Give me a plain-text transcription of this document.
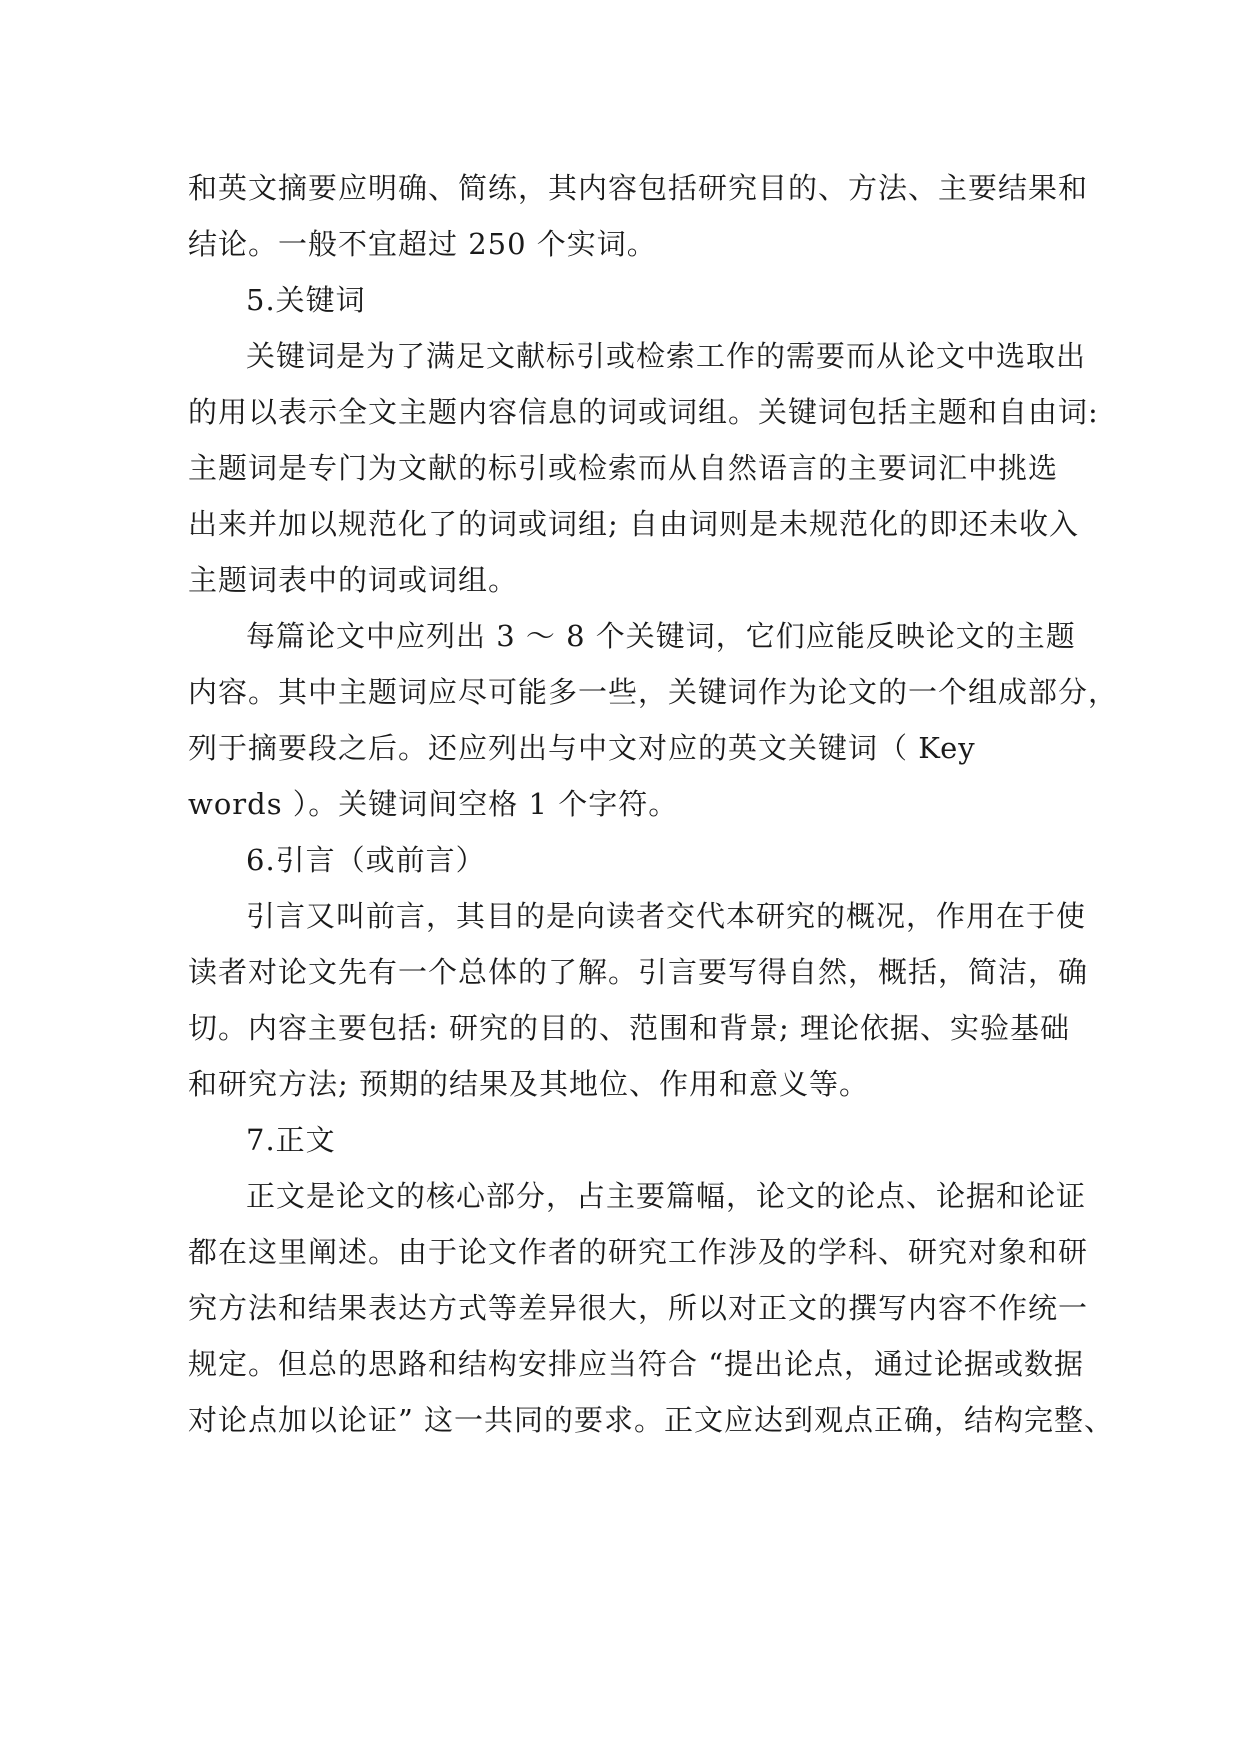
和英文摘要应明确、简练，其内容包括研究目的、方法、主要结果和
结论。一般不宜超过 250 个实词。
5.关键词
关键词是为了满足文献标引或检索工作的需要而从论文中选取出
的用以表示全文主题内容信息的词或词组。关键词包括主题和自由词:
主题词是专门为文献的标引或检索而从自然语言的主要词汇中挑选
出来并加以规范化了的词或词组; 自由词则是未规范化的即还未收入
主题词表中的词或词组。
每篇论文中应列出 3 ～ 8 个关键词，它们应能反映论文的主题
内容。其中主题词应尽可能多一些，关键词作为论文的一个组成部分，
列于摘要段之后。还应列出与中文对应的英文关键词（ Key
words ）。关键词间空格 1 个字符。
6.引言（或前言）
引言又叫前言，其目的是向读者交代本研究的概况，作用在于使
读者对论文先有一个总体的了解。引言要写得自然，概括，简洁，确
切。内容主要包括: 研究的目的、范围和背景; 理论依据、实验基础
和研究方法; 预期的结果及其地位、作用和意义等。
7.正文
正文是论文的核心部分，占主要篇幅，论文的论点、论据和论证
都在这里阐述。由于论文作者的研究工作涉及的学科、研究对象和研
究方法和结果表达方式等差异很大，所以对正文的撰写内容不作统一
规定。但总的思路和结构安排应当符合 “提出论点，通过论据或数据
对论点加以论证” 这一共同的要求。正文应达到观点正确，结构完整、
